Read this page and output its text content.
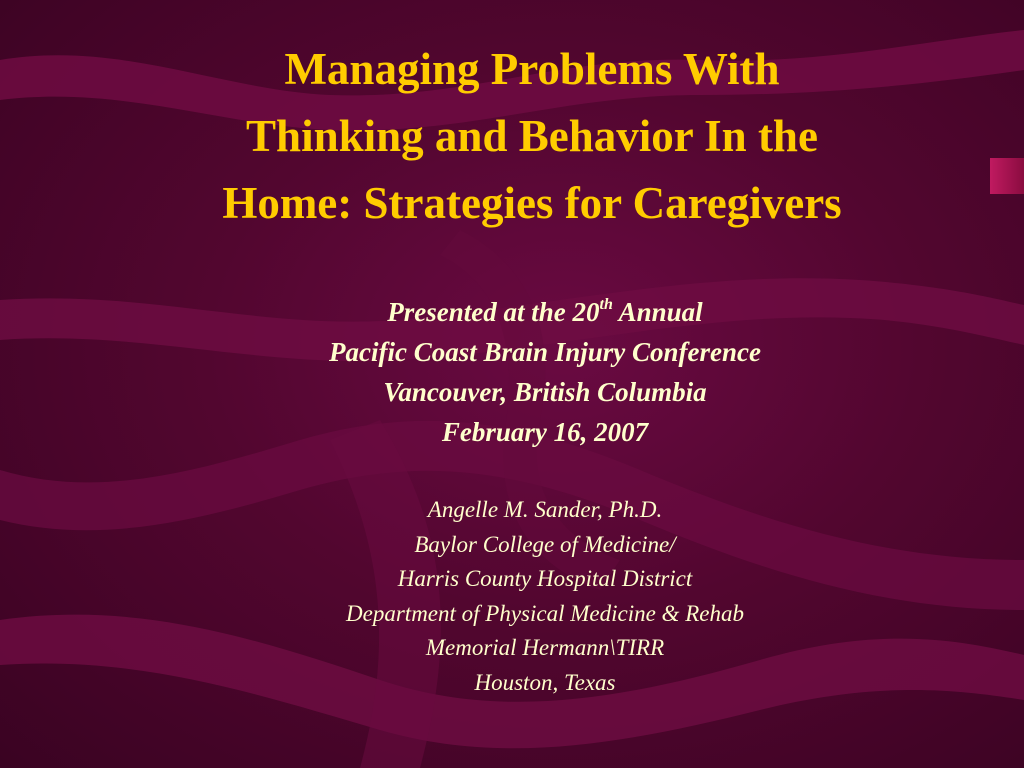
Managing Problems With
Thinking and Behavior In the
Home: Strategies for Caregivers
Presented at the 20th Annual
Pacific Coast Brain Injury Conference
Vancouver, British Columbia
February 16, 2007
Angelle M. Sander, Ph.D.
Baylor College of Medicine/
Harris County Hospital District
Department of Physical Medicine & Rehab
Memorial Hermann\TIRR
Houston, Texas
